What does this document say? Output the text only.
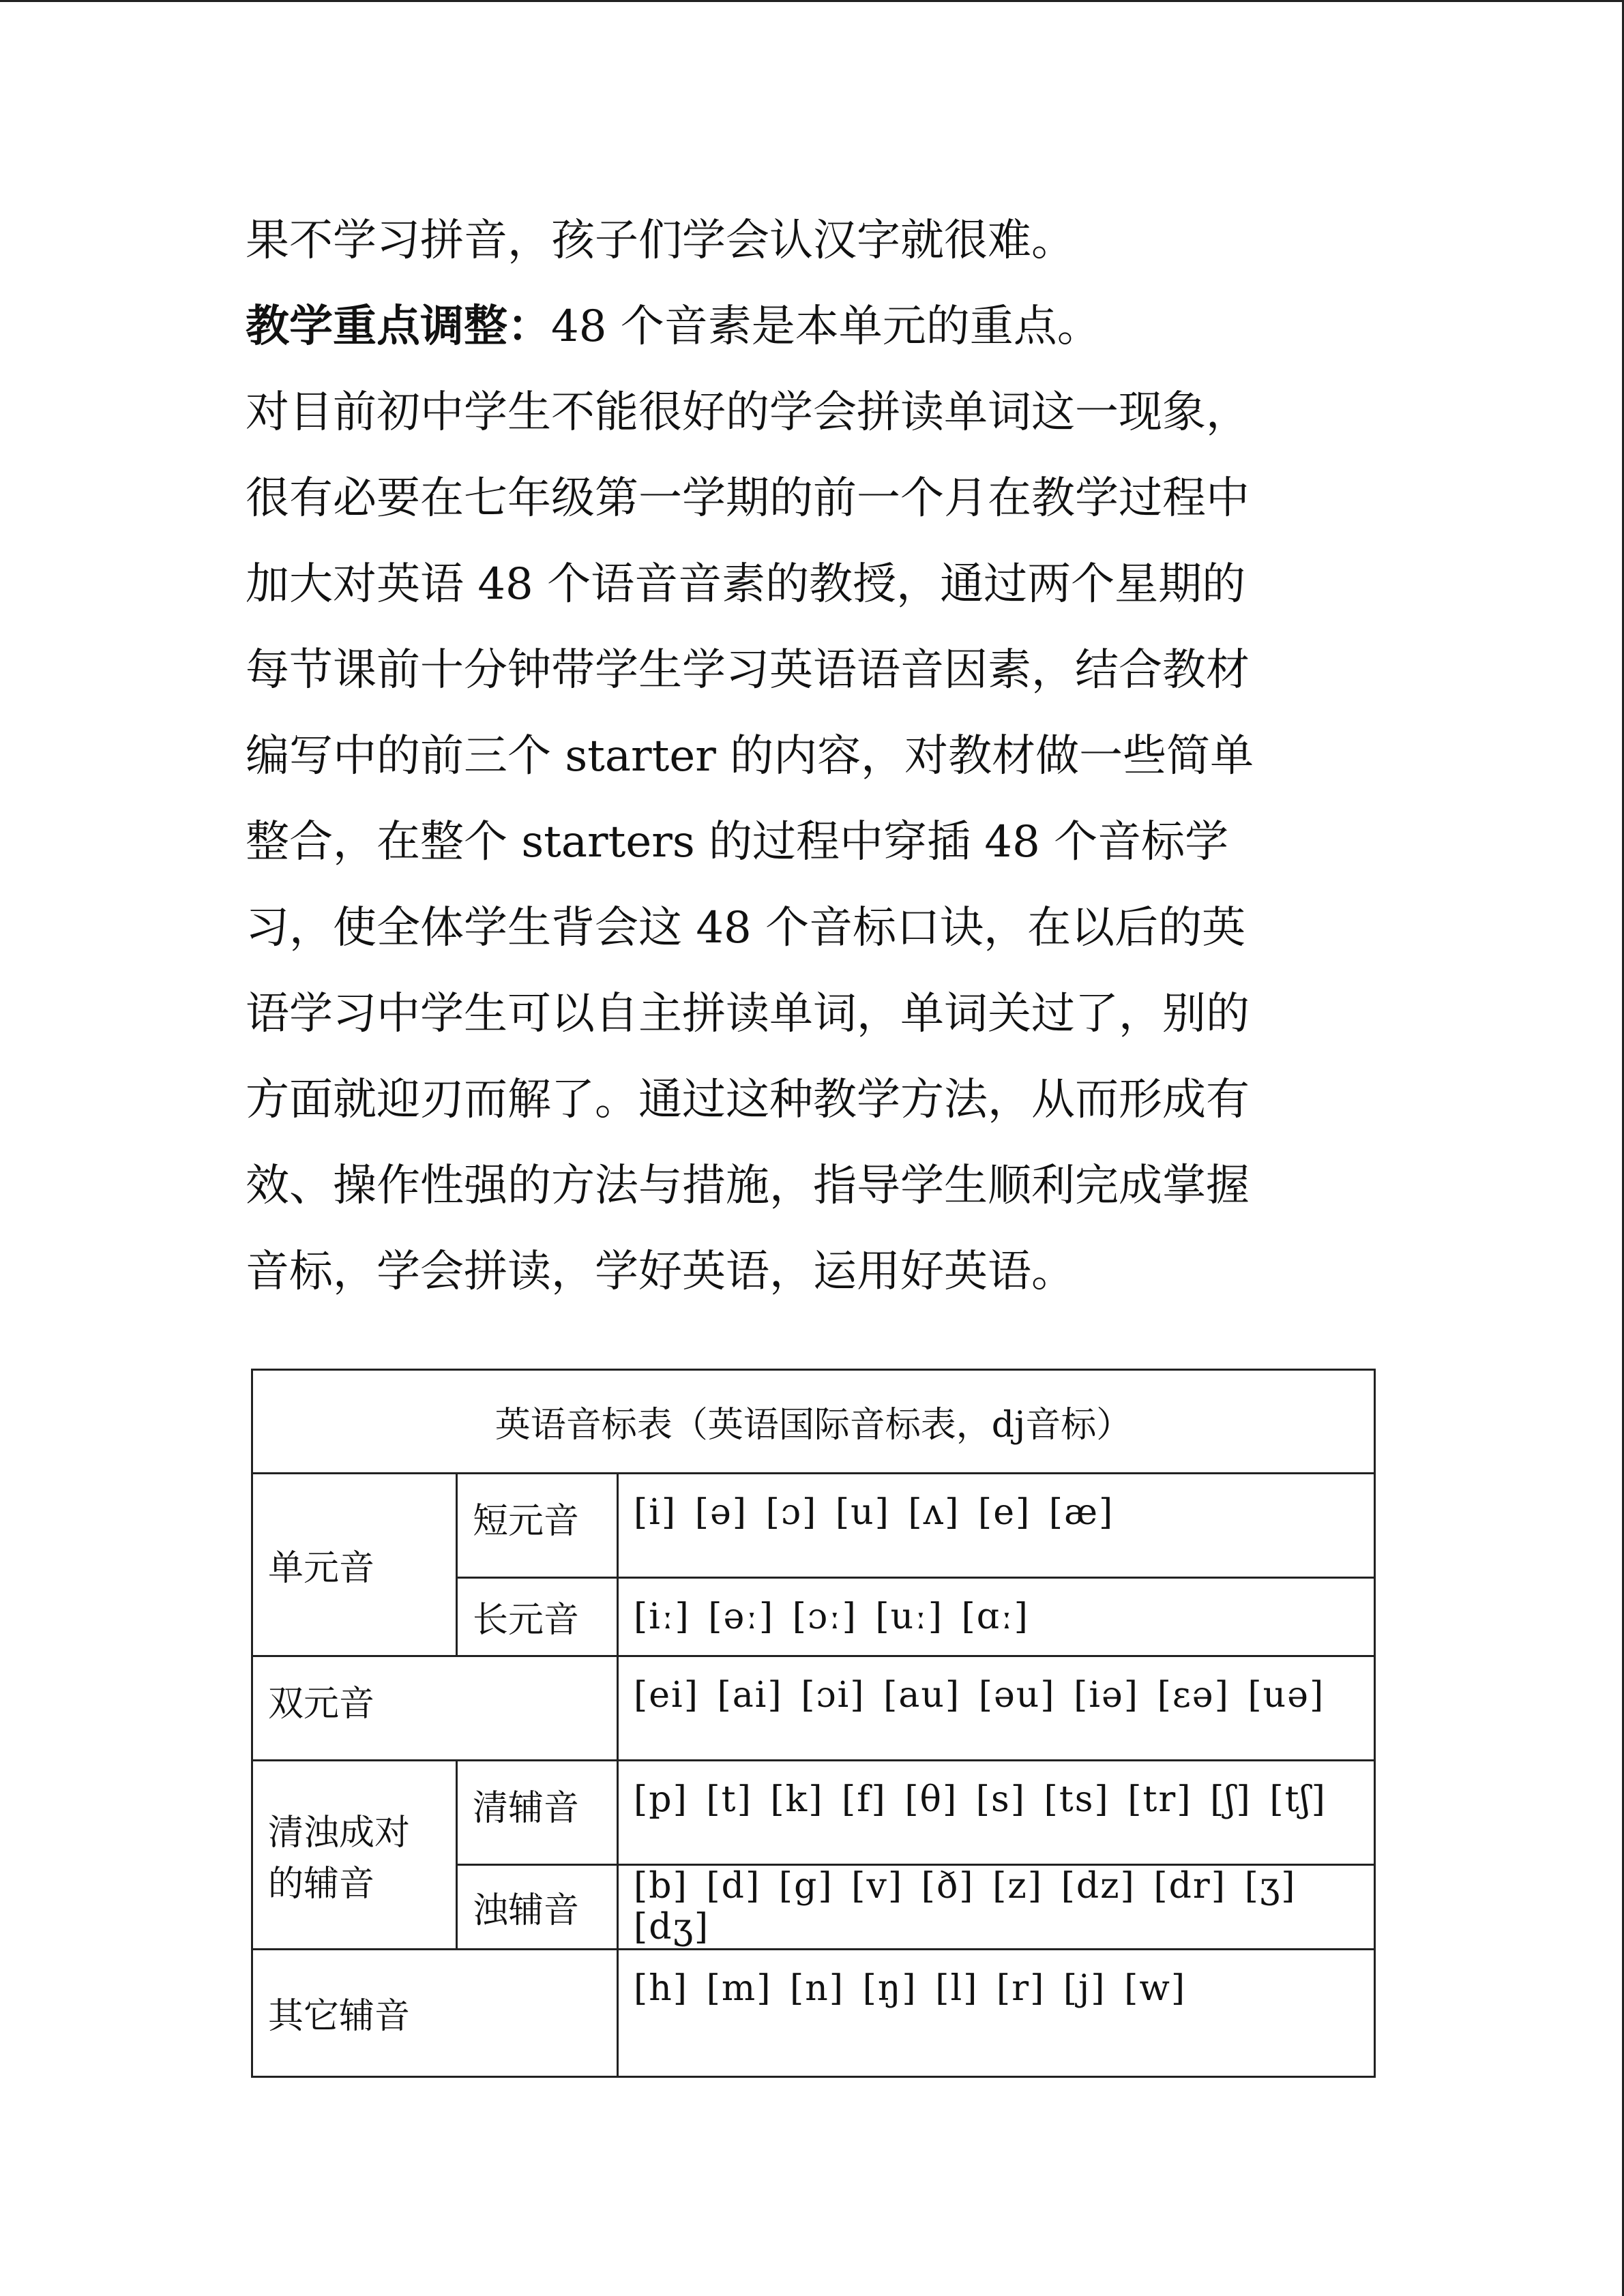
果不学习拼音，孩子们学会认汉字就很难。
教学重点调整：48 个音素是本单元的重点。
对目前初中学生不能很好的学会拼读单词这一现象，
很有必要在七年级第一学期的前一个月在教学过程中
加大对英语 48 个语音音素的教授，通过两个星期的
每节课前十分钟带学生学习英语语音因素，结合教材
编写中的前三个 starter 的内容，对教材做一些简单
整合，在整个 starters 的过程中穿插 48 个音标学
习，使全体学生背会这 48 个音标口诀，在以后的英
语学习中学生可以自主拼读单词，单词关过了，别的
方面就迎刃而解了。通过这种教学方法，从而形成有
效、操作性强的方法与措施，指导学生顺利完成掌握
音标，学会拼读，学好英语，运用好英语。
英语音标表（英语国际音标表，dj音标）		
单元音	短元音	[i] [ə] [ɔ] [u] [ʌ] [e] [æ]
	长元音	[iː] [əː] [ɔː] [uː] [ɑː]
双元音		[ei] [ai] [ɔi] [au] [əu] [iə] [εə] [uə]
清浊成对的辅音	清辅音	[p] [t] [k] [f] [θ] [s] [ts] [tr] [ʃ] [tʃ]
	浊辅音	[b] [d] [g] [v] [ð] [z] [dz] [dr] [ʒ] [dʒ]
其它辅音		[h] [m] [n] [ŋ] [l] [r] [j] [w]
